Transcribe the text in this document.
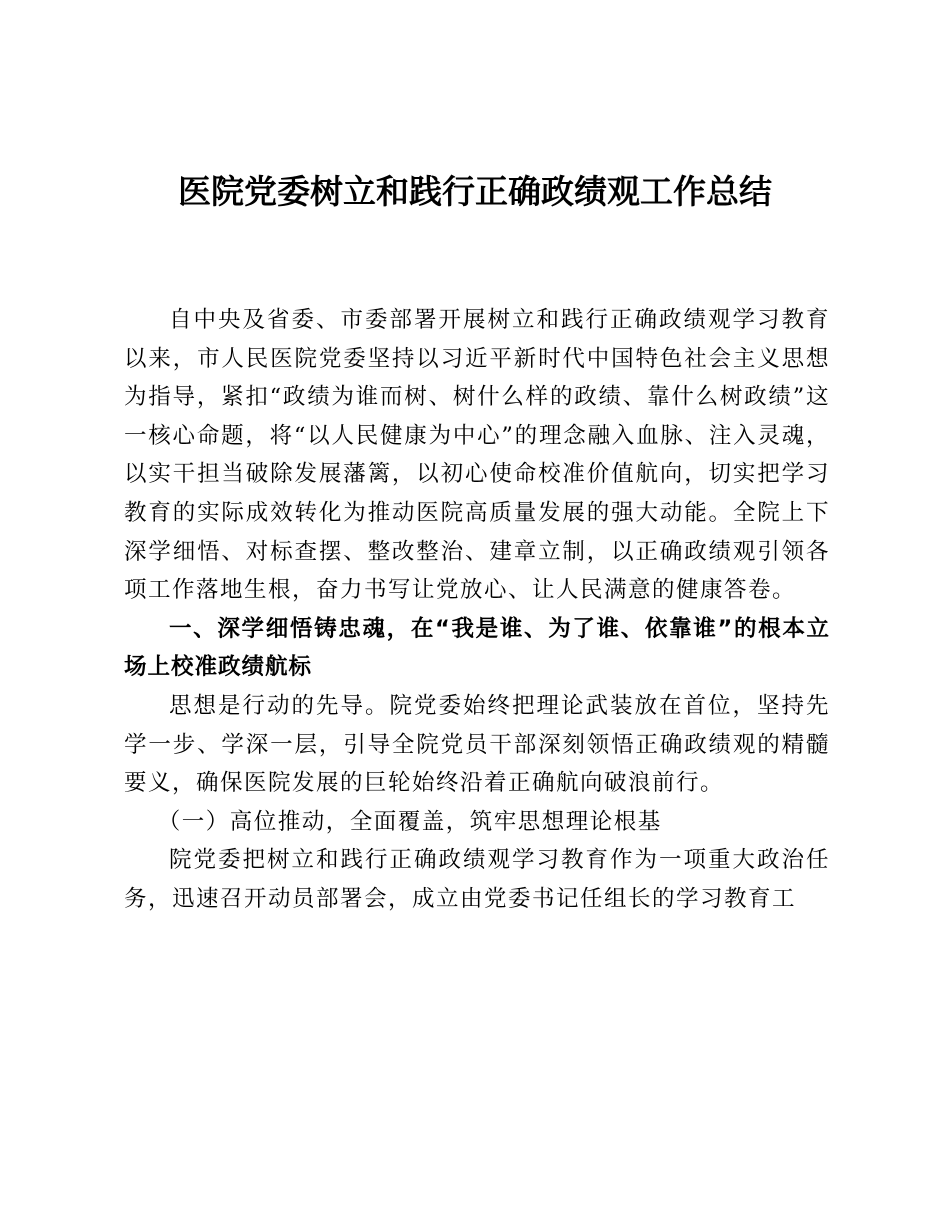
医院党委树立和践行正确政绩观工作总结

自中央及省委、市委部署开展树立和践行正确政绩观学习教育以来，市人民医院党委坚持以习近平新时代中国特色社会主义思想为指导，紧扣“政绩为谁而树、树什么样的政绩、靠什么树政绩”这一核心命题，将“以人民健康为中心”的理念融入血脉、注入灵魂，以实干担当破除发展藩篱，以初心使命校准价值航向，切实把学习教育的实际成效转化为推动医院高质量发展的强大动能。全院上下深学细悟、对标查摆、整改整治、建章立制，以正确政绩观引领各项工作落地生根，奋力书写让党放心、让人民满意的健康答卷。

一、深学细悟铸忠魂，在“我是谁、为了谁、依靠谁”的根本立场上校准政绩航标

思想是行动的先导。院党委始终把理论武装放在首位，坚持先学一步、学深一层，引导全院党员干部深刻领悟正确政绩观的精髓要义，确保医院发展的巨轮始终沿着正确航向破浪前行。

（一）高位推动，全面覆盖，筑牢思想理论根基

院党委把树立和践行正确政绩观学习教育作为一项重大政治任务，迅速召开动员部署会，成立由党委书记任组长的学习教育工
